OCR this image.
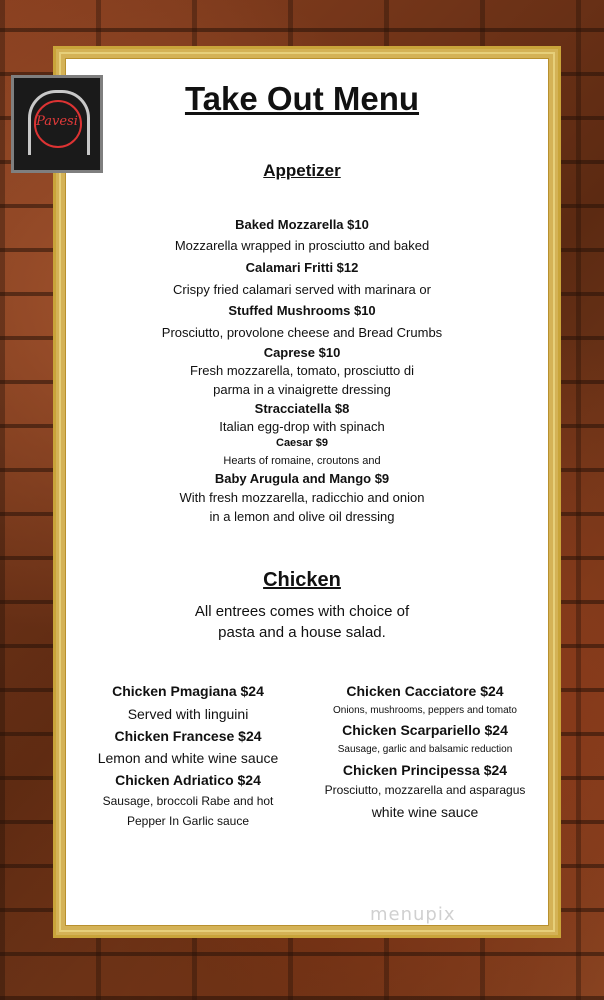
Pavesi
Take Out Menu
Appetizer
Baked Mozzarella $10
Mozzarella wrapped in prosciutto and baked
Calamari Fritti $12
Crispy fried calamari served with marinara or
Stuffed Mushrooms $10
Prosciutto, provolone cheese and Bread Crumbs
Caprese $10
Fresh mozzarella, tomato, prosciutto di
parma in a vinaigrette dressing
Stracciatella $8
Italian egg-drop with spinach
Caesar $9
Hearts of romaine, croutons and
Baby Arugula and Mango $9
With fresh mozzarella, radicchio and onion
in a lemon and olive oil dressing
Chicken
All entrees comes with choice of
pasta and a house salad.
Chicken Pmagiana $24
Served with linguini
Chicken Francese $24
Lemon and white wine sauce
Chicken Adriatico $24
Sausage, broccoli Rabe and hot
Pepper In Garlic sauce
Chicken Cacciatore $24
Onions, mushrooms, peppers and tomato
Chicken Scarpariello $24
Sausage, garlic and balsamic reduction
Chicken Principessa $24
Prosciutto, mozzarella and asparagus
white wine sauce
menupix
